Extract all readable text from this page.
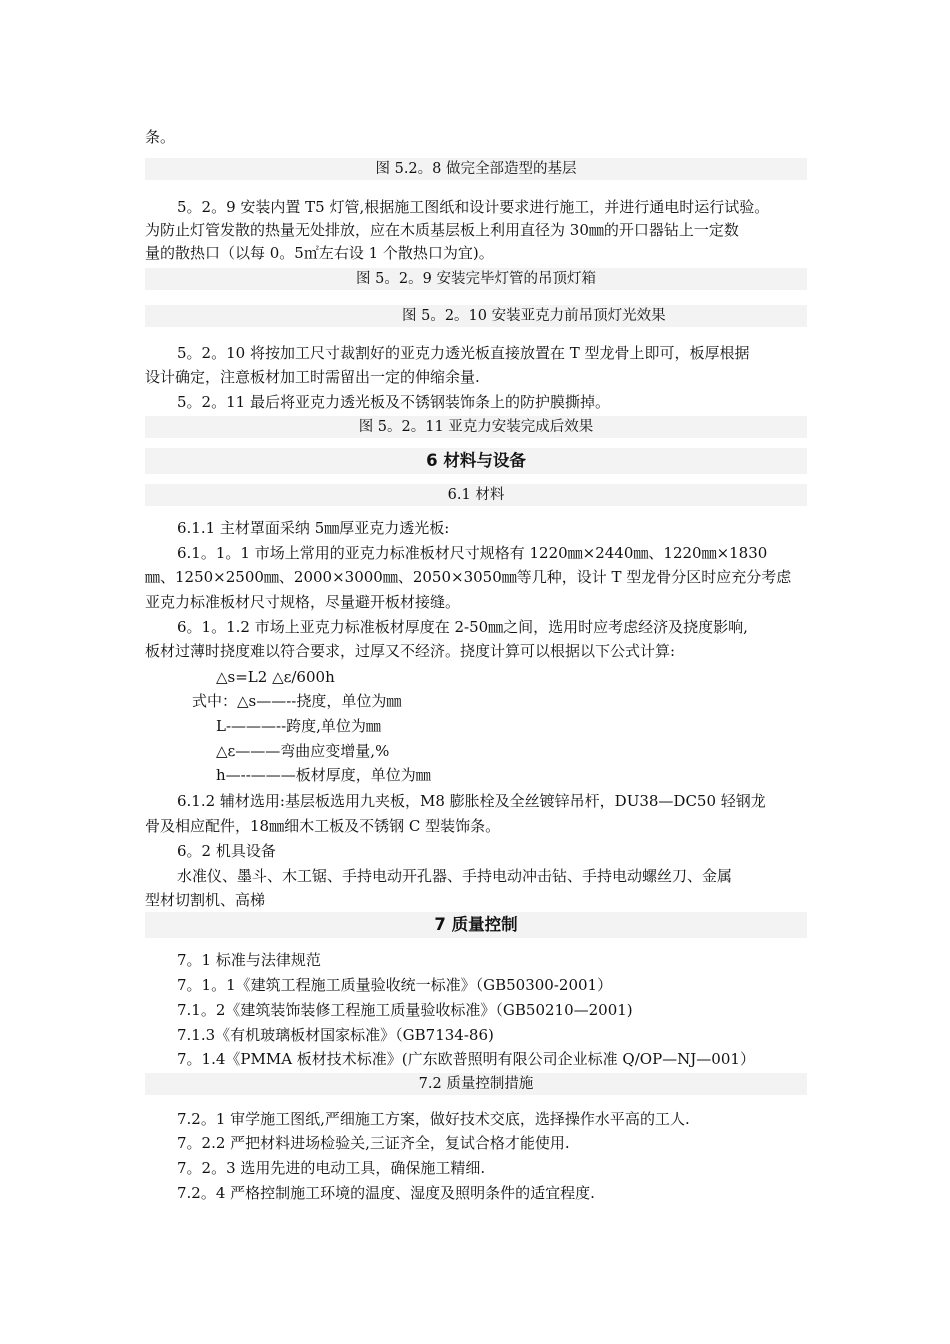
条。
图 5.2。8 做完全部造型的基层
5。2。9 安装内置 T5 灯管,根据施工图纸和设计要求进行施工，并进行通电时运行试验。
为防止灯管发散的热量无处排放，应在木质基层板上利用直径为 30㎜的开口器钻上一定数
量的散热口（以每 0。5㎡左右设 1 个散热口为宜)。
图 5。2。9 安装完毕灯管的吊顶灯箱
图 5。2。10 安装亚克力前吊顶灯光效果
5。2。10 将按加工尺寸裁割好的亚克力透光板直接放置在 T 型龙骨上即可，板厚根据
设计确定，注意板材加工时需留出一定的伸缩余量.
5。2。11 最后将亚克力透光板及不锈钢装饰条上的防护膜撕掉。
图 5。2。11 亚克力安装完成后效果
6 材料与设备
6.1 材料
6.1.1 主材罩面采纳 5㎜厚亚克力透光板:
6.1。1。1 市场上常用的亚克力标准板材尺寸规格有 1220㎜×2440㎜、1220㎜×1830
㎜、1250×2500㎜、2000×3000㎜、2050×3050㎜等几种，设计 T 型龙骨分区时应充分考虑
亚克力标准板材尺寸规格，尽量避开板材接缝。
6。1。1.2 市场上亚克力标准板材厚度在 2-50㎜之间，选用时应考虑经济及挠度影响,
板材过薄时挠度难以符合要求，过厚又不经济。挠度计算可以根据以下公式计算:
△s=L2 △ε/600h
式中：△s——--挠度，单位为㎜
L-———--跨度,单位为㎜
△ε———弯曲应变增量,%
h—--———板材厚度，单位为㎜
6.1.2 辅材选用:基层板选用九夹板，M8 膨胀栓及全丝镀锌吊杆，DU38—DC50 轻钢龙
骨及相应配件，18㎜细木工板及不锈钢 C 型装饰条。
6。2 机具设备
水准仪、墨斗、木工锯、手持电动开孔器、手持电动冲击钻、手持电动螺丝刀、金属
型材切割机、高梯
7 质量控制
7。1 标准与法律规范
7。1。1《建筑工程施工质量验收统一标准》（GB50300-2001）
7.1。2《建筑装饰装修工程施工质量验收标准》（GB50210—2001)
7.1.3《有机玻璃板材国家标准》（GB7134-86)
7。1.4《PMMA 板材技术标准》(广东欧普照明有限公司企业标准 Q/OP—NJ—001）
7.2 质量控制措施
7.2。1 审学施工图纸,严细施工方案，做好技术交底，选择操作水平高的工人.
7。2.2 严把材料进场检验关,三证齐全，复试合格才能使用.
7。2。3 选用先进的电动工具，确保施工精细.
7.2。4 严格控制施工环境的温度、湿度及照明条件的适宜程度.
